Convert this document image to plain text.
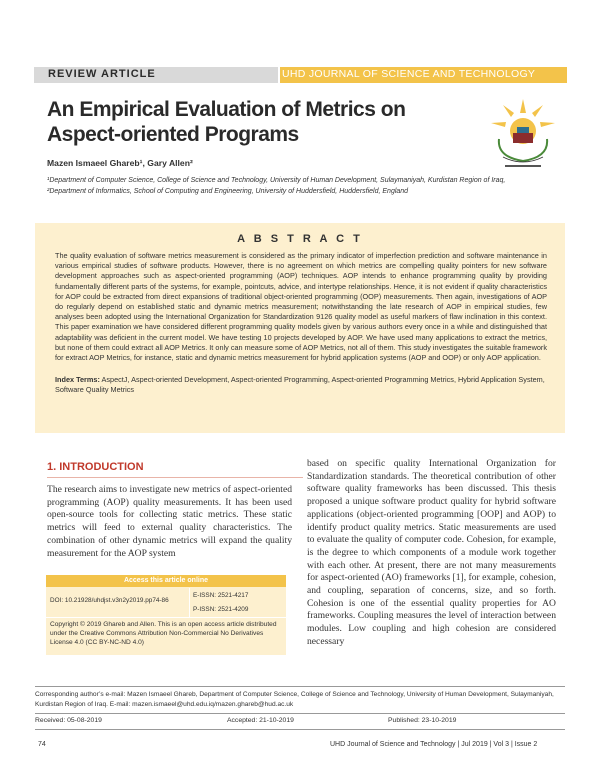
REVIEW ARTICLE	UHD JOURNAL OF SCIENCE AND TECHNOLOGY
An Empirical Evaluation of Metrics on Aspect-oriented Programs
Mazen Ismaeel Ghareb¹, Gary Allen²
¹Department of Computer Science, College of Science and Technology, University of Human Development, Sulaymaniyah, Kurdistan Region of Iraq, ²Department of Informatics, School of Computing and Engineering, University of Huddersfield, Huddersfield, England
A B S T R A C T
The quality evaluation of software metrics measurement is considered as the primary indicator of imperfection prediction and software maintenance in various empirical studies of software products. However, there is no agreement on which metrics are compelling quality pointers for new software development approaches such as aspect-oriented programming (AOP) techniques. AOP intends to enhance programming quality by providing fundamentally different parts of the systems, for example, pointcuts, advice, and intertype relationships. Hence, it is not evident if quality characteristics for AOP could be extracted from direct expansions of traditional object-oriented programming (OOP) measurements. Then again, investigations of AOP do regularly depend on established static and dynamic metrics measurement; notwithstanding the late research of AOP in empirical studies, few analyses been adopted using the International Organization for Standardization 9126 quality model as useful markers of flaw inclination in this context. This paper examination we have considered different programming quality models given by various authors every once in a while and distinguished that adaptability was deficient in the current model. We have testing 10 projects developed by AOP. We have used many applications to extract the metrics, but none of them could extract all AOP Metrics. It only can measure some of AOP Metrics, not all of them. This study investigates the suitable framework for extract AOP Metrics, for instance, static and dynamic metrics measurement for hybrid application systems (AOP and OOP) or only AOP application.
Index Terms: AspectJ, Aspect-oriented Development, Aspect-oriented Programming, Aspect-oriented Programming Metrics, Hybrid Application System, Software Quality Metrics
1. INTRODUCTION
The research aims to investigate new metrics of aspect-oriented programming (AOP) quality measurements. It has been used open-source tools for collecting static metrics. These static metrics will feed to external quality characteristics. The combination of other dynamic metrics will expand the quality measurement for the AOP system
based on specific quality International Organization for Standardization standards. The theoretical contribution of other software quality frameworks has been discussed. This thesis proposed a unique software product quality for hybrid software applications (object-oriented programming [OOP] and AOP) to identify product quality metrics. Static measurements are used to evaluate the quality of computer code. Cohesion, for example, is the degree to which components of a module work together with each other. At present, there are not many measurements for aspect-oriented (AO) frameworks [1], for example, cohesion, and coupling, separation of concerns, size, and so forth. Cohesion is one of the essential quality properties for AO frameworks. Coupling measures the level of interaction between modules. Low coupling and high cohesion are considered necessary
Access this article online
DOI: 10.21928/uhdjst.v3n2y2019.pp74-86
E-ISSN: 2521-4217
P-ISSN: 2521-4209
Copyright © 2019 Ghareb and Allen. This is an open access article distributed under the Creative Commons Attribution Non-Commercial No Derivatives License 4.0 (CC BY-NC-ND 4.0)
Corresponding author’s e-mail: Mazen Ismaeel Ghareb, Department of Computer Science, College of Science and Technology, University of Human Development, Sulaymaniyah, Kurdistan Region of Iraq. E-mail: mazen.ismaeel@uhd.edu.iq/mazen.ghareb@hud.ac.uk
Received: 05-08-2019	Accepted: 21-10-2019	Published: 23-10-2019
74	UHD Journal of Science and Technology | Jul 2019 | Vol 3 | Issue 2
